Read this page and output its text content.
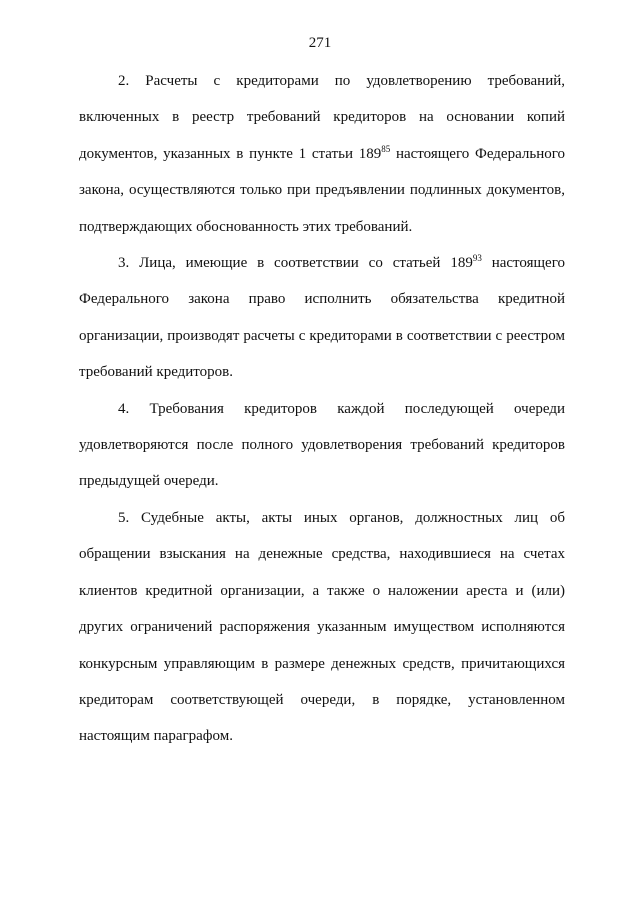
271

2. Расчеты с кредиторами по удовлетворению требований, включенных в реестр требований кредиторов на основании копий документов, указанных в пункте 1 статьи 189$^{85}$ настоящего Федерального закона, осуществляются только при предъявлении подлинных документов, подтверждающих обоснованность этих требований.

3. Лица, имеющие в соответствии со статьей 189$^{93}$ настоящего Федерального закона право исполнить обязательства кредитной организации, производят расчеты с кредиторами в соответствии с реестром требований кредиторов.

4. Требования кредиторов каждой последующей очереди удовлетворяются после полного удовлетворения требований кредиторов предыдущей очереди.

5. Судебные акты, акты иных органов, должностных лиц об обращении взыскания на денежные средства, находившиеся на счетах клиентов кредитной организации, а также о наложении ареста и (или) других ограничений распоряжения указанным имуществом исполняются конкурсным управляющим в размере денежных средств, причитающихся кредиторам соответствующей очереди, в порядке, установленном настоящим параграфом.
